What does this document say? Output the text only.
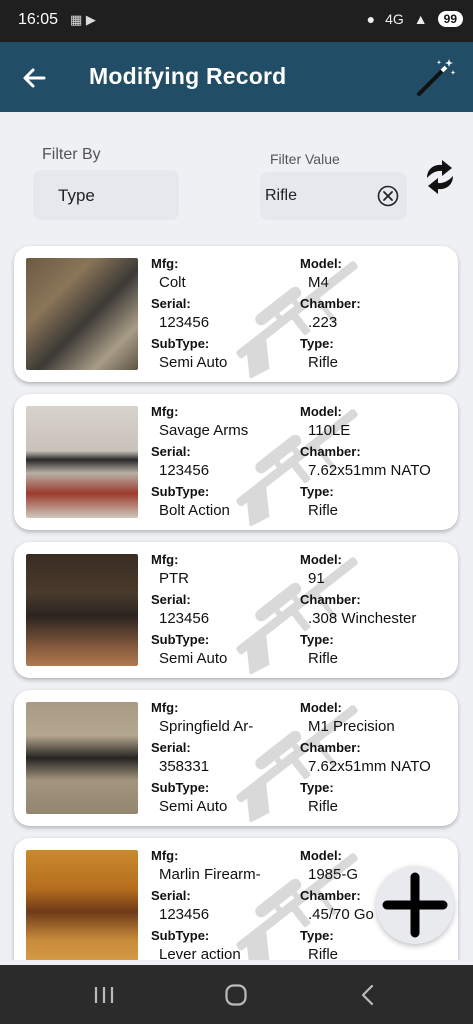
16:05 ▦ ▶	● 4G ▲	99
Modifying Record
Filter By
Type
Filter Value
Rifle
Mfg:
Colt
Model:
M4
Serial:
123456
Chamber:
.223
SubType:
Semi Auto
Type:
Rifle
Mfg:
Savage Arms
Model:
110LE
Serial:
123456
Chamber:
7.62x51mm NATO
SubType:
Bolt Action
Type:
Rifle
Mfg:
PTR
Model:
91
Serial:
123456
Chamber:
.308 Winchester
SubType:
Semi Auto
Type:
Rifle
Mfg:
Springfield Ar-
Model:
M1 Precision
Serial:
358331
Chamber:
7.62x51mm NATO
SubType:
Semi Auto
Type:
Rifle
Mfg:
Marlin Firearm-
Model:
1985-G
Serial:
123456
Chamber:
.45/70 Go
SubType:
Lever action
Type:
Rifle
